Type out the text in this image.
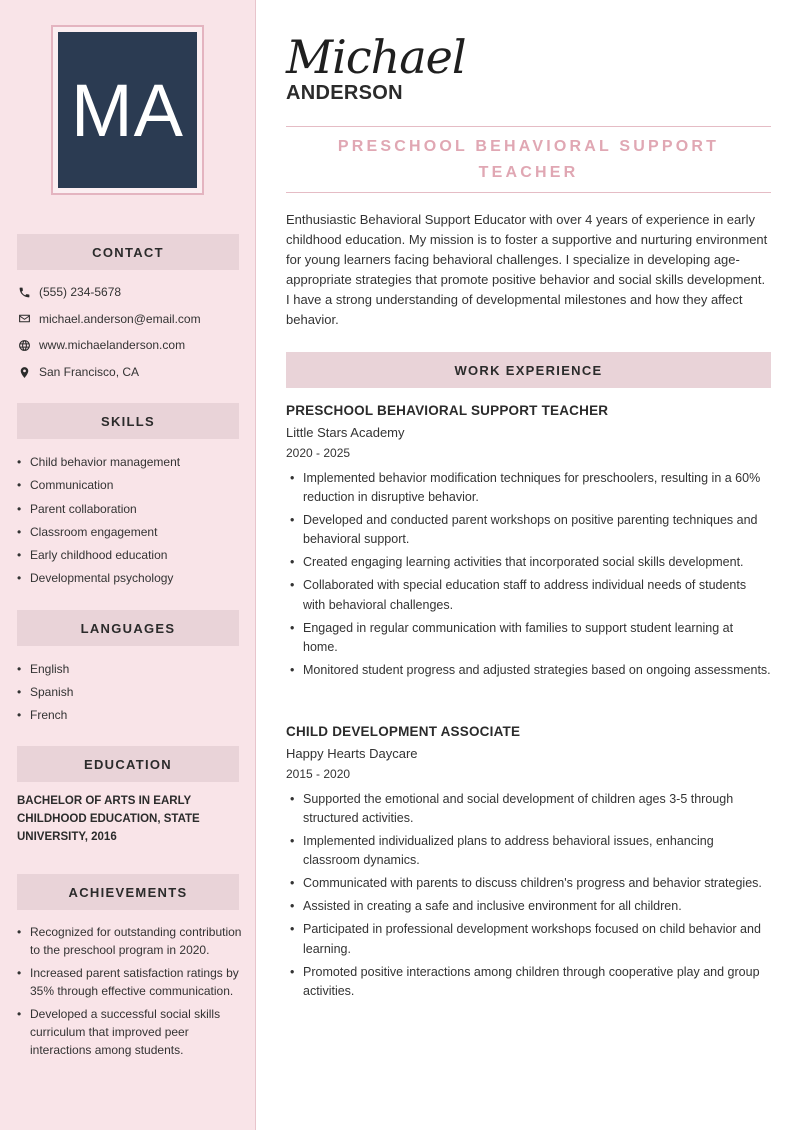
MA
CONTACT
(555) 234-5678
michael.anderson@email.com
www.michaelanderson.com
San Francisco, CA
SKILLS
• Child behavior management
• Communication
• Parent collaboration
• Classroom engagement
• Early childhood education
• Developmental psychology
LANGUAGES
• English
• Spanish
• French
EDUCATION
BACHELOR OF ARTS IN EARLY CHILDHOOD EDUCATION, STATE UNIVERSITY, 2016
ACHIEVEMENTS
• Recognized for outstanding contribution to the preschool program in 2020.
• Increased parent satisfaction ratings by 35% through effective communication.
• Developed a successful social skills curriculum that improved peer interactions among students.
Michael
ANDERSON
PRESCHOOL BEHAVIORAL SUPPORT
TEACHER

Enthusiastic Behavioral Support Educator with over 4 years of experience in early childhood education. My mission is to foster a supportive and nurturing environment for young learners facing behavioral challenges. I specialize in developing age-appropriate strategies that promote positive behavior and social skills development. I have a strong understanding of developmental milestones and how they affect behavior.

WORK EXPERIENCE
PRESCHOOL BEHAVIORAL SUPPORT TEACHER
Little Stars Academy
2020 - 2025
• Implemented behavior modification techniques for preschoolers, resulting in a 60% reduction in disruptive behavior.
• Developed and conducted parent workshops on positive parenting techniques and behavioral support.
• Created engaging learning activities that incorporated social skills development.
• Collaborated with special education staff to address individual needs of students with behavioral challenges.
• Engaged in regular communication with families to support student learning at home.
• Monitored student progress and adjusted strategies based on ongoing assessments.
CHILD DEVELOPMENT ASSOCIATE
Happy Hearts Daycare
2015 - 2020
• Supported the emotional and social development of children ages 3-5 through structured activities.
• Implemented individualized plans to address behavioral issues, enhancing classroom dynamics.
• Communicated with parents to discuss children's progress and behavior strategies.
• Assisted in creating a safe and inclusive environment for all children.
• Participated in professional development workshops focused on child behavior and learning.
• Promoted positive interactions among children through cooperative play and group activities.
